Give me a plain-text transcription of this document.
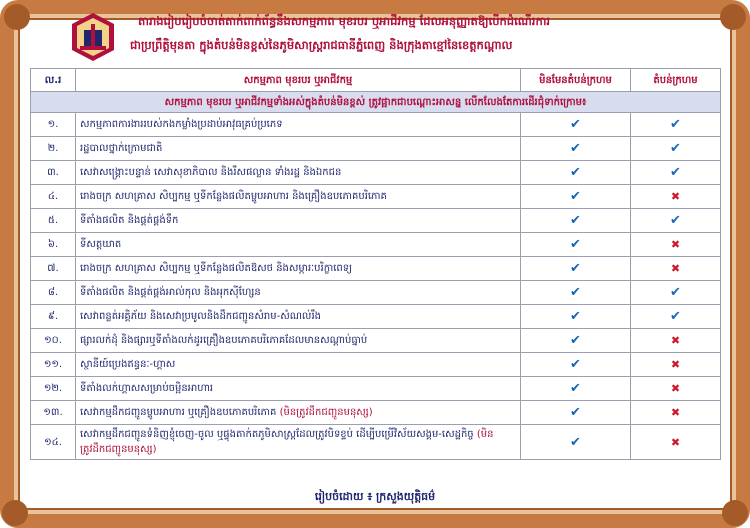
តារាងរៀបរៀបចំចាត់តាក់ពាក់ព័ន្ធនឹងសកម្មភាព មុខរបរ ឬអាជីវកម្ម ដែលអនុញ្ញាតឱ្យបើកដំណើរការ
ជាប្រព្រឹត្តិមុនតា ក្នុងតំបន់មិនខ្ពស់នៃភូមិសាស្ត្ររាជធានីភ្នំពេញ និងក្រុងតាខ្មៅនៃខេត្តកណ្តាល
ល.រ	សកម្មភាព មុខរបរ ឬអាជីវកម្ម	មិនមែនតំបន់ក្រហម	តំបន់ក្រហម
សកម្មភាព មុខរបរ ឬអាជីវកម្មទាំងអស់ក្នុងតំបន់មិនខ្ពស់ ត្រូវផ្អាកជាបណ្ដោះអាសន្ន លើកលែងតែការដើរជុំទាក់ក្រោម៖			
១.	សកម្មភាពការងាររបស់កងកម្លាំងប្រដាប់អាវុធគ្រប់ប្រភេទ	✔	✔
២.	រដ្ឋបាលថ្នាក់ក្រោមជាតិ	✔	✔
៣.	សេវាសង្គ្រោះបន្ទាន់ សេវាសុខាភិបាល និងរឹសផល្លាន ទាំងរដ្ឋ និងឯកជន	✔	✔
៤.	រោងចក្រ សហគ្រាស សិប្បកម្ម ឬទីកន្លែងផលិតម្ហូបអាហារ និងគ្រឿងឧបភោគបរិភោគ	✔	✖
៥.	ទីតាំងផលិត និងផ្គត់ផ្គង់ទឹក	✔	✔
៦.	ទីសត្តឃាត	✔	✖
៧.	រោងចក្រ សហគ្រាស សិប្បកម្ម ឬទីកន្លែងផលិតឱសថ និងសម្ភារៈបរិក្ខាពេទ្យ	✔	✖
៨.	ទីតាំងផលិត និងផ្គត់ផ្គង់អាល់កុល និងអុកស៊ីហ្សែន	✔	✔
៩.	សេវាពន្លត់អគ្គិភ័យ និងសេវាប្រមូលនិងដឹកជញ្ជូនសំរាម-សំណល់រឹង	✔	✔
១០.	ផ្សារលក់ដុំ និងផ្សារឬទីតាំងលក់ដូរគ្រឿងឧបភោគបរិភោគដែលមានសណ្តាប់ធ្នាប់	✔	✖
១១.	ស្ថានីយ៍ប្រេងឥន្ធនៈ-ហ្គាស	✔	✖
១២.	ទីតាំងលក់ហ្គាសសម្រាប់ចម្អិនអាហារ	✔	✖
១៣.	សេវាកម្មដឹកជញ្ជូនម្ហូបអាហារ ឬគ្រឿងឧបភោគបរិភោគ (មិនត្រូវដឹកជញ្ជូនមនុស្ស)	✔	✖
១៤.	សេវាកម្មដឹកជញ្ជូនទំនិញខ្ញុំចេញ-ចូល ឬផ្ទុងតាក់តភូមិសាស្ត្រដែលត្រូវបិទខ្ទប់ ដើម្បីបម្រើវិស័យសង្គម-សេដ្ឋកិច្ច (មិនត្រូវដឹកជញ្ជូនមនុស្ស)	✔	✖
រៀបចំដោយ ៖ ក្រសួងយុត្តិធម៌
